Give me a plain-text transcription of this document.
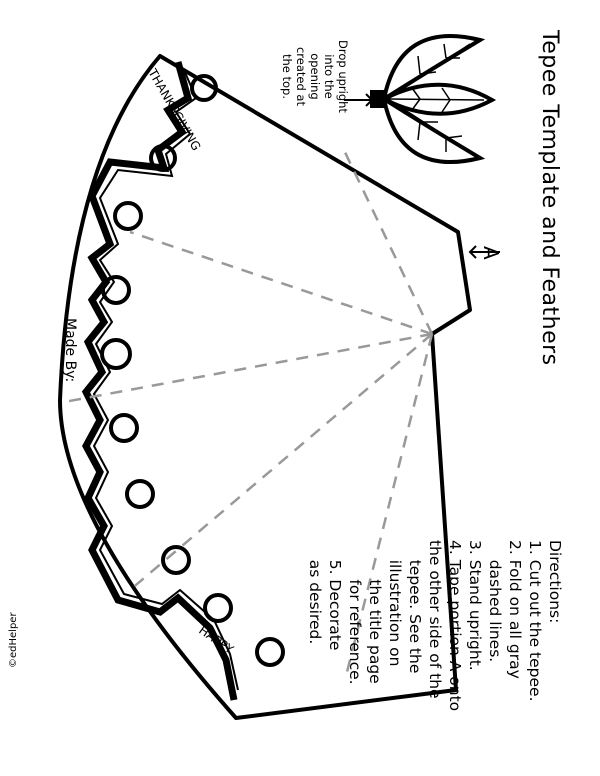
THANKSGIVING
HAPPY
Made By:
A Tepee Template and Feathers
Drop upright
into the
opening
created at
the top.
Directions:
1. Cut out the tepee.
2. Fold on all gray
dashed lines.
3. Stand upright.
4. Tape portion A onto
the other side of the
tepee. See the
illustration on
the title page
for reference.
5. Decorate
as desired.
©edHelper
